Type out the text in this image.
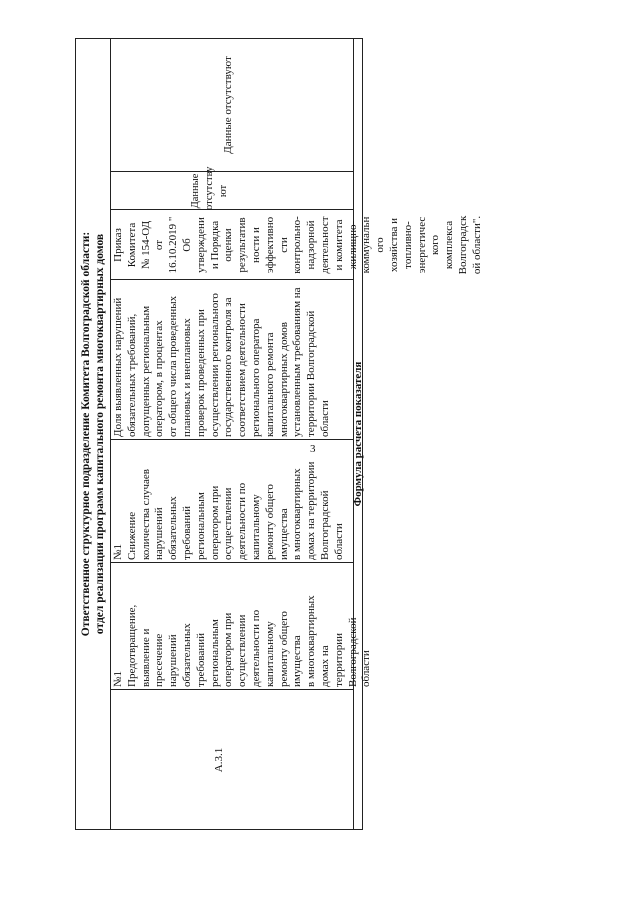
3
Ответственное структурное подразделение Комитета Волгоградской области: отдел реализации программ капитального ремонта многоквартирных домов
А.3.1
№1
Предотвращение,
выявление и
пресечение
нарушений
обязательных
требований
региональным
оператором при
осуществлении
деятельности по
капитальному
ремонту общего
имущества
в многоквартирных
домах на
территории
Волгоградской
области
№1
Снижение
количества случаев
нарушений
обязательных
требований
региональным
оператором при
осуществлении
деятельности по
капитальному
ремонту общего
имущества
в многоквартирных
домах на территории
Волгоградской
области
Доля выявленных нарушений
обязательных требований,
допущенных региональным
оператором, в процентах
от общего числа проведенных
плановых и внеплановых
проверок проведенных при
осуществлении регионального
государственного контроля за
соответствием деятельности
регионального оператора
капитального ремонта
многоквартирных домов
установленным требованиям на
территории Волгоградской
области
Приказ
Комитета
№ 154-ОД
от
16.10.2019 "
Об
утверждени
и Порядка
оценки
результатив
ности и
эффективно
сти
контрольно-
надзорной
деятельност
и комитета
жилищно-
коммунальн
ого
хозяйства и
топливно-
энергетичес
кого
комплекса
Волгоградск
ой области".
Данные
отсутству
ют
Данные отсутствуют
Формула расчета показателя
